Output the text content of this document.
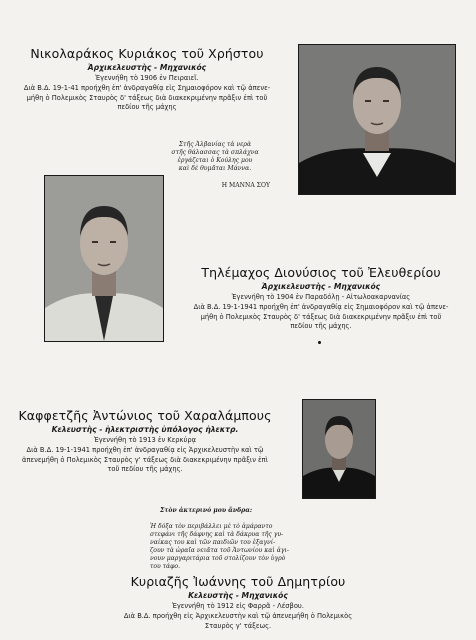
Νικολαράκος Κυριάκος τοῦ Χρήστου
Ἀρχικελευστὴς - Μηχανικός
Ἐγεννήθη τὸ 1906 ἐν Πειραιεῖ.
Διὰ Β.Δ. 19-1-41 προήχθη ἐπ' ἀνδραγαθίᾳ εἰς Σημαιοφόρον καὶ τῷ ἀπενε-
μήθη ὁ Πολεμικὸς Σταυρὸς δ' τάξεως διὰ διακεκριμένην πρᾶξιν ἐπὶ τοῦ
πεδίου τῆς μάχης

Στῆς Ἀλβανίας τὰ νερὰ
στῆς θάλασσας τὰ σπλάχνα
ἐργάζεται ὁ Κούλης μου
καὶ δὲ θυμᾶται Μάννα.

Η ΜΑΝΝΑ ΣΟΥ

Τηλέμαχος Διονύσιος τοῦ Ἐλευθερίου
Ἀρχικελευστὴς - Μηχανικός
Ἐγεννήθη τὸ 1904 ἐν Παραδόλῃ - Αἰτωλοακαρνανίας
Διὰ Β.Δ. 19-1-1941 προήχθη ἐπ' ἀνδραγαθίᾳ εἰς Σημαιοφόρον καὶ τῷ ἀπενε-
μήθη ὁ Πολεμικὸς Σταυρὸς δ' τάξεως διὰ διακεκριμένην πρᾶξιν ἐπὶ τοῦ
πεδίου τῆς μάχης.
Καφφετζῆς Ἀντώνιος τοῦ Χαραλάμπους
Κελευστὴς - ἠλεκτριστὴς ὑπόλογος ἠλεκτρ.
Ἐγεννήθη τὸ 1913 ἐν Κερκύρᾳ
Διὰ Β.Δ. 19-1-1941 προήχθη ἐπ' ἀνδραγαθίᾳ εἰς Ἀρχικελευστὴν καὶ τῷ
ἀπενεμήθη ὁ Πολεμικὸς Σταυρὸς γ' τάξεως διὰ διακεκριμένην πρᾶξιν ἐπὶ
τοῦ πεδίου τῆς μάχης.

Στὸν ἀκτερινό μου ἄνδρα:

Ἡ δόξα τὸν περιβάλλει μὲ τὸ ἀμάραντο
στεφάνι τῆς δάφνης καὶ τὰ δάκρυα τῆς γυ-
ναίκας του καὶ τῶν παιδιῶν του ἐξαγνί-
ζουν τὰ ὡραῖα νειᾶτα τοῦ Ἀντωνίου καὶ ἀγι-
νουν μαργαριτάρια τοῦ στολίζουν τὸν ὑγρὸ
του τάφο.

Κυριαζῆς Ἰωάννης τοῦ Δημητρίου
Κελευστὴς - Μηχανικός
Ἐγεννήθη τὸ 1912 εἰς Φαρρᾶ - Λέσβου.
Διὰ Β.Δ. προήχθη εἰς Ἀρχικελευστὴν καὶ τῷ ἀπενεμήθη ὁ Πολεμικὸς
Σταυρὸς γ' τάξεως.
